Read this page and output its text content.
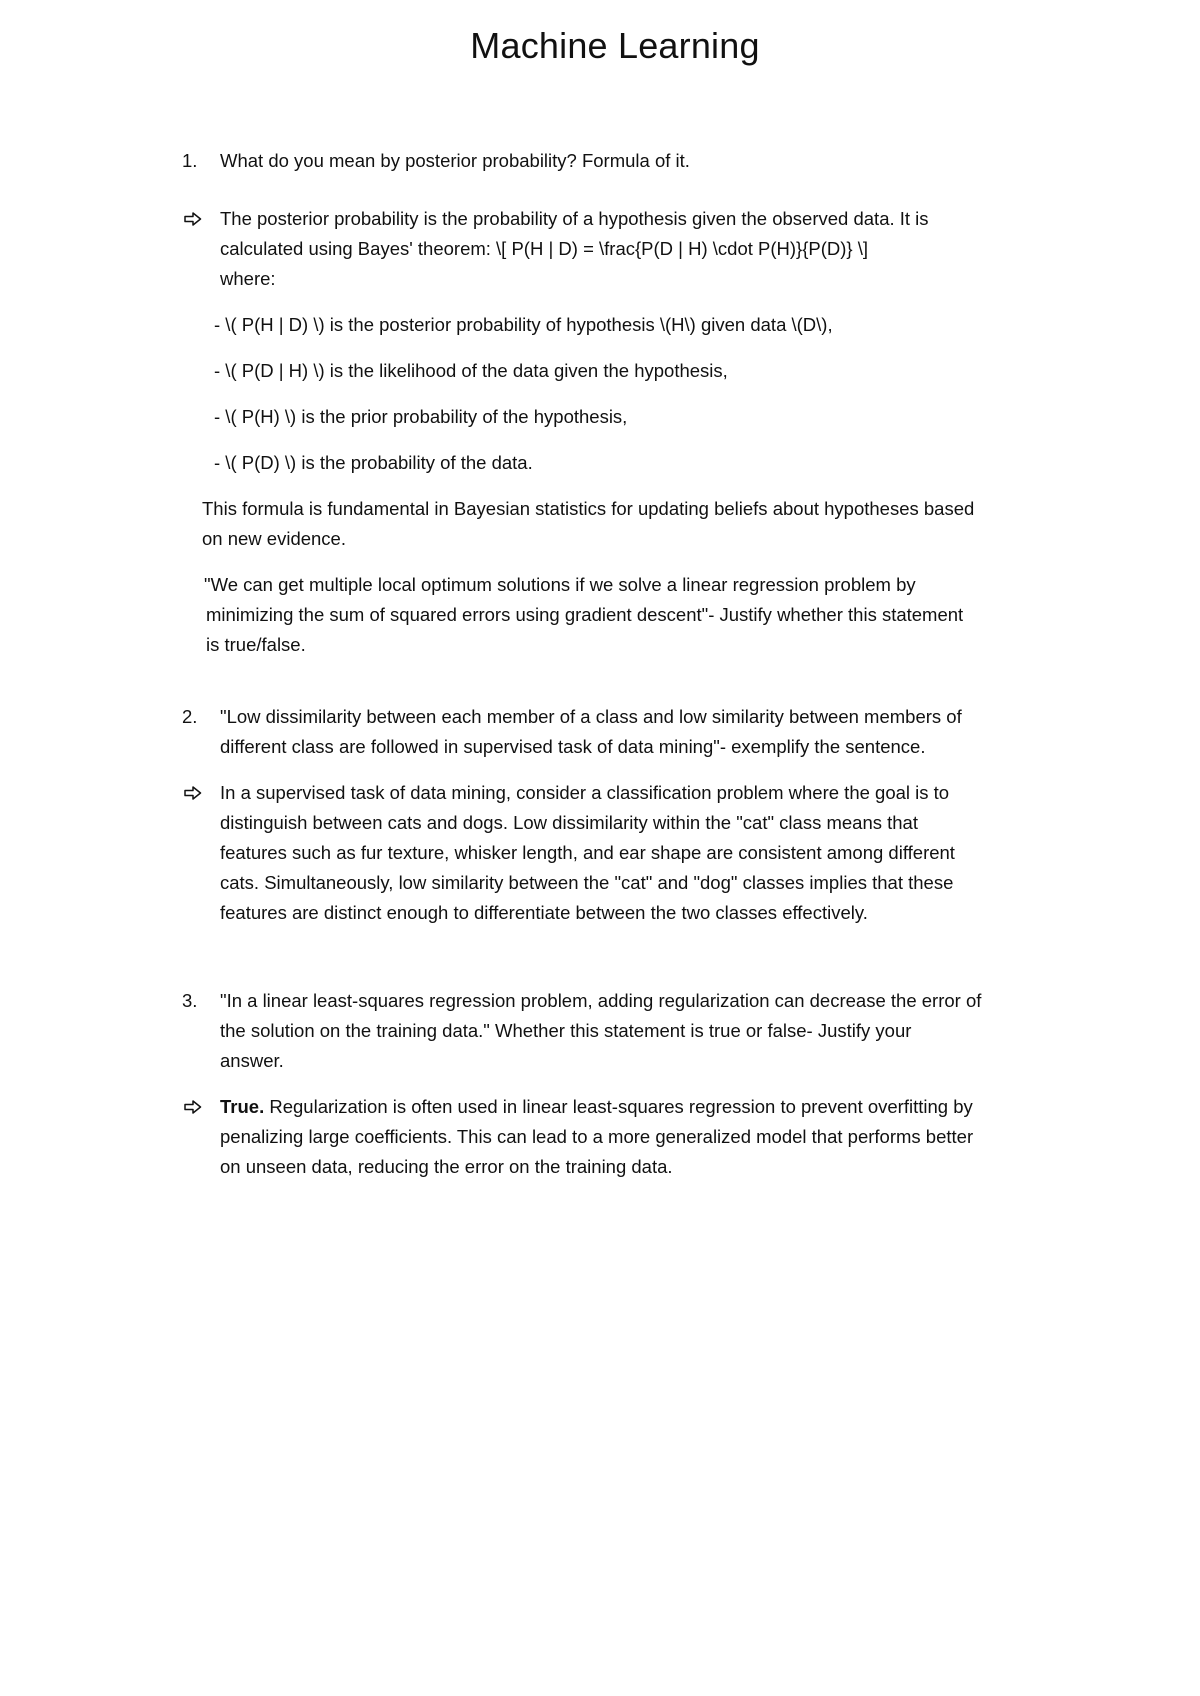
Machine Learning
1. What do you mean by posterior probability? Formula of it.
The posterior probability is the probability of a hypothesis given the observed data. It is
calculated using Bayes' theorem: \[ P(H | D) = \frac{P(D | H) \cdot P(H)}{P(D)} \]
where:
- \( P(H | D) \) is the posterior probability of hypothesis \(H\) given data \(D\),
- \( P(D | H) \) is the likelihood of the data given the hypothesis,
- \( P(H) \) is the prior probability of the hypothesis,
- \( P(D) \) is the probability of the data.
This formula is fundamental in Bayesian statistics for updating beliefs about hypotheses based
on new evidence.
"We can get multiple local optimum solutions if we solve a linear regression problem by
minimizing the sum of squared errors using gradient descent"- Justify whether this statement
is true/false.
2. "Low dissimilarity between each member of a class and low similarity between members of
different class are followed in supervised task of data mining"- exemplify the sentence.
In a supervised task of data mining, consider a classification problem where the goal is to
distinguish between cats and dogs. Low dissimilarity within the "cat" class means that
features such as fur texture, whisker length, and ear shape are consistent among different
cats. Simultaneously, low similarity between the "cat" and "dog" classes implies that these
features are distinct enough to differentiate between the two classes effectively.
3. "In a linear least-squares regression problem, adding regularization can decrease the error of
the solution on the training data." Whether this statement is true or false- Justify your
answer.
True. Regularization is often used in linear least-squares regression to prevent overfitting by
penalizing large coefficients. This can lead to a more generalized model that performs better
on unseen data, reducing the error on the training data.
